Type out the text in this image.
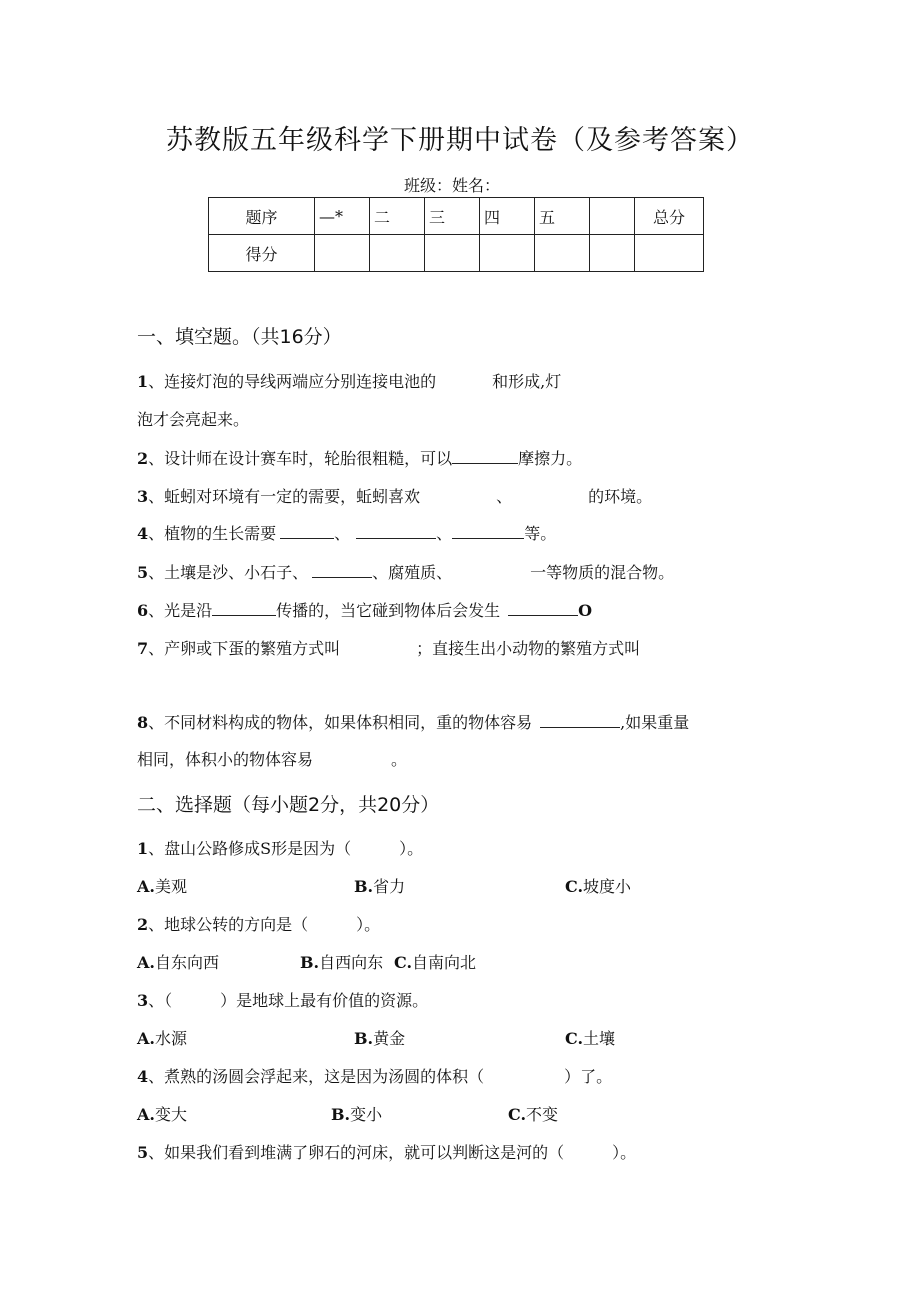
苏教版五年级科学下册期中试卷（及参考答案）
班级：姓名：
题序	—*	二	三	四	五		总分
得分							
一、填空题。（共16分）
1、连接灯泡的导线两端应分别连接电池的	和形成,灯
泡才会亮起来。
2、设计师在设计赛车时，轮胎很粗糙，可以	摩擦力。
3、蚯蚓对环境有一定的需要，蚯蚓喜欢	、	的环境。
4、植物的生长需要	、	、	等。
5、土壤是沙、小石子、	、腐殖质、	一等物质的混合物。
6、光是沿	传播的，当它碰到物体后会发生	O
7、产卵或下蛋的繁殖方式叫	；直接生出小动物的繁殖方式叫
8、不同材料构成的物体，如果体积相同，重的物体容易	,如果重量
相同，体积小的物体容易	。
二、选择题（每小题2分，共20分）
1、盘山公路修成S形是因为（　　　）。
A.美观	B.省力	C.坡度小
2、地球公转的方向是（　　　）。
A.自东向西	B.自西向东 C.自南向北
3、（　　　）是地球上最有价值的资源。
A.水源	B.黄金	C.土壤
4、煮熟的汤圆会浮起来，这是因为汤圆的体积（　　　　　）了。
A.变大	B.变小	C.不变
5、如果我们看到堆满了卵石的河床，就可以判断这是河的（　　　）。
